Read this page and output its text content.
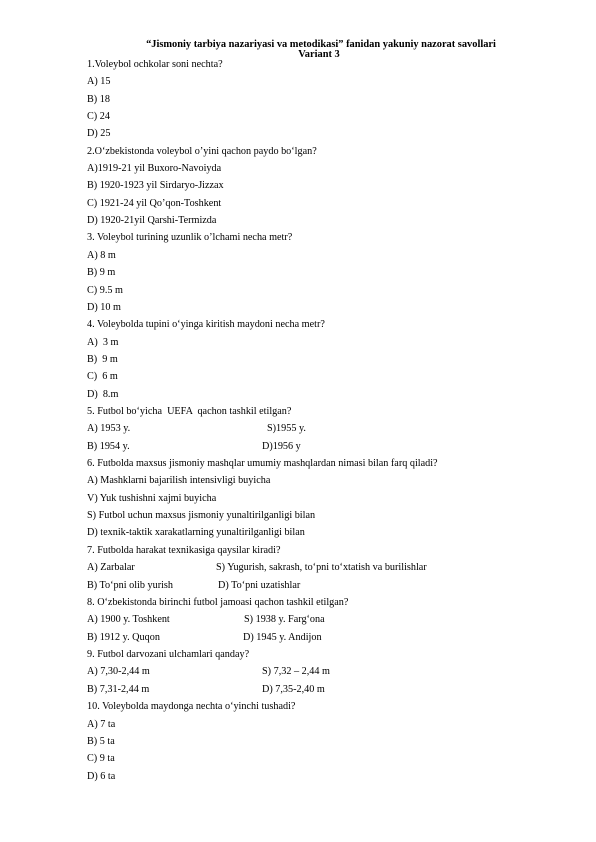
“Jismoniy tarbiya nazariyasi va metodikasi” fanidan yakuniy nazorat savollari
Variant 3
1.Voleybol ochkolar soni nechta?
A) 15
B) 18
C) 24
D) 25
2.O‘zbekistonda voleybol o’yini qachon paydo bo‘lgan?
A)1919-21 yil Buxoro-Navoiyda
B) 1920-1923 yil Sirdaryo-Jizzax
C) 1921-24 yil Qo’qon-Toshkent
D) 1920-21yil Qarshi-Termizda
3. Voleybol turining uzunlik o’lchami necha metr?
A) 8 m
B) 9 m
C) 9.5 m
D) 10 m
4. Voleybolda tupini o‘yinga kiritish maydoni necha metr?
A)  3 m
B)  9 m
C)  6 m
D)  8.m
5. Futbol bo‘yicha  UEFA  qachon tashkil etilgan?
A) 1953 y.	S)1955 y.
B) 1954 y.	D)1956 y
6. Futbolda maxsus jismoniy mashqlar umumiy mashqlardan nimasi bilan farq qiladi?
A) Mashklarni bajarilish intensivligi buyicha
V) Yuk tushishni xajmi buyicha
S) Futbol uchun maxsus jismoniy yunaltirilganligi bilan
D) texnik-taktik xarakatlarning yunaltirilganligi bilan
7. Futbolda harakat texnikasiga qaysilar kiradi?
A) Zarbalar	S) Yugurish, sakrash, to‘pni to‘xtatish va burilishlar
B) To‘pni olib yurish	D) To‘pni uzatishlar
8. O‘zbekistonda birinchi futbol jamoasi qachon tashkil etilgan?
A) 1900 y. Toshkent	S) 1938 y. Farg‘ona
B) 1912 y. Quqon	D) 1945 y. Andijon
9. Futbol darvozani ulchamlari qanday?
A) 7,30-2,44 m	S) 7,32 – 2,44 m
B) 7,31-2,44 m	D) 7,35-2,40 m
10. Voleybolda maydonga nechta o‘yinchi tushadi?
A) 7 ta
B) 5 ta
C) 9 ta
D) 6 ta
